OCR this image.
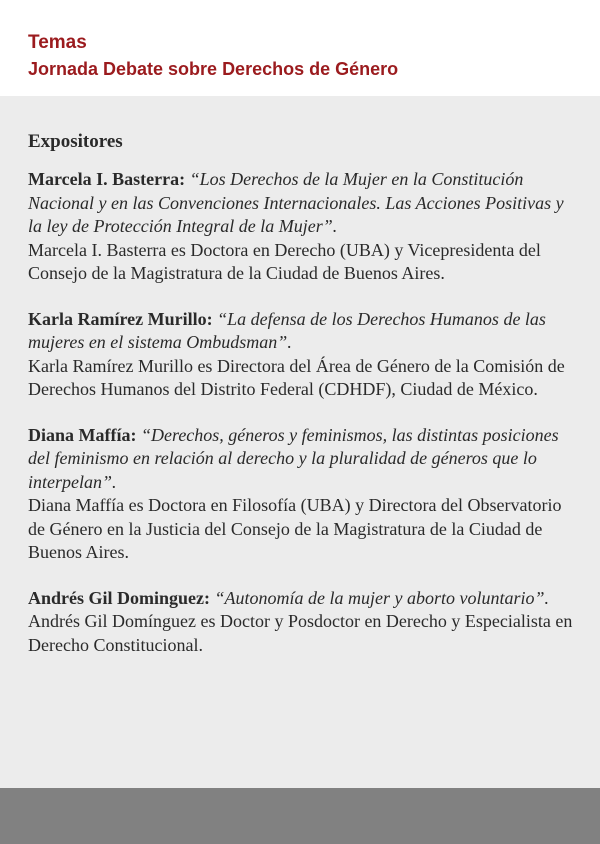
Temas
Jornada Debate sobre Derechos de Género
Expositores
Marcela I. Basterra: “Los Derechos de la Mujer en la Constitución Nacional y en las Convenciones Internacionales. Las Acciones Positivas y la ley de Protección Integral de la Mujer”.
Marcela I. Basterra es Doctora en Derecho (UBA) y Vicepresidenta del Consejo de la Magistratura de la Ciudad de Buenos Aires.
Karla Ramírez Murillo: “La defensa de los Derechos Humanos de las mujeres en el sistema Ombudsman”.
Karla Ramírez Murillo es Directora del Área de Género de la Comisión de Derechos Humanos del Distrito Federal (CDHDF), Ciudad de México.
Diana Maffía: “Derechos, géneros y feminismos, las distintas posiciones del feminismo en relación al derecho y la pluralidad de géneros que lo interpelan”.
Diana Maffía es Doctora en Filosofía (UBA) y Directora del Observatorio de Género en la Justicia del Consejo de la Magistratura de la Ciudad de Buenos Aires.
Andrés Gil Dominguez: “Autonomía de la mujer y aborto voluntario”.
Andrés Gil Domínguez es Doctor y Posdoctor en Derecho y Especialista en Derecho Constitucional.
